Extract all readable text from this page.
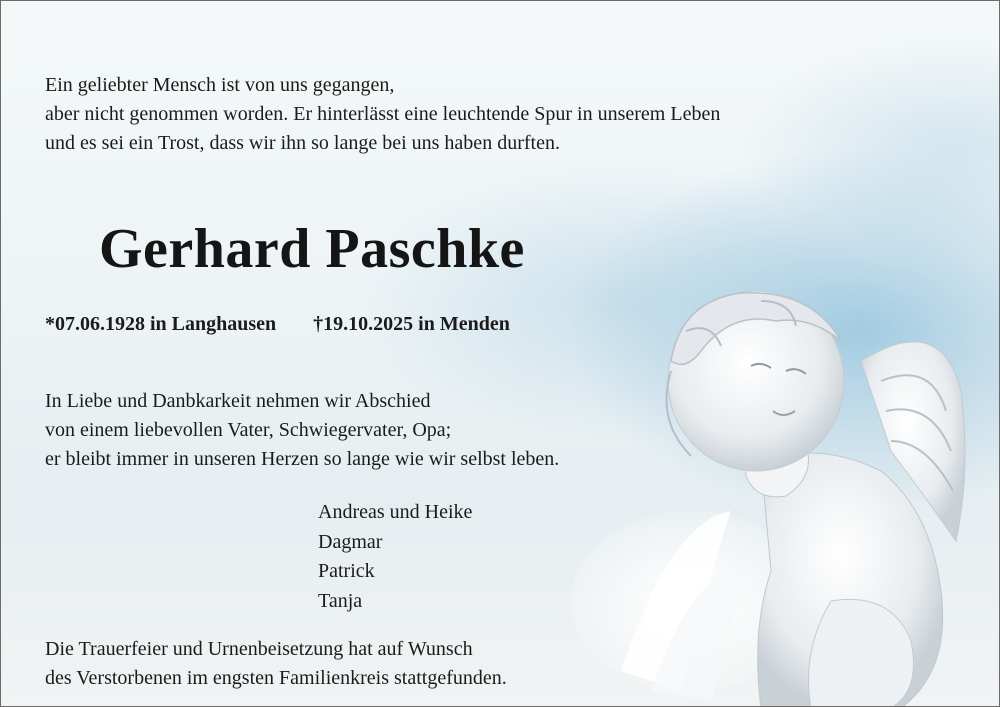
Ein geliebter Mensch ist von uns gegangen,
aber nicht genommen worden. Er hinterlässt eine leuchtende Spur in unserem Leben
und es sei ein Trost, dass wir ihn so lange bei uns haben durften.

Gerhard Paschke
*07.06.1928 in Langhausen †19.10.2025 in Menden

In Liebe und Danbkarkeit nehmen wir Abschied
von einem liebevollen Vater, Schwiegervater, Opa;
er bleibt immer in unseren Herzen so lange wie wir selbst leben.

Andreas und Heike
Dagmar
Patrick
Tanja

Die Trauerfeier und Urnenbeisetzung hat auf Wunsch
des Verstorbenen im engsten Familienkreis stattgefunden.
